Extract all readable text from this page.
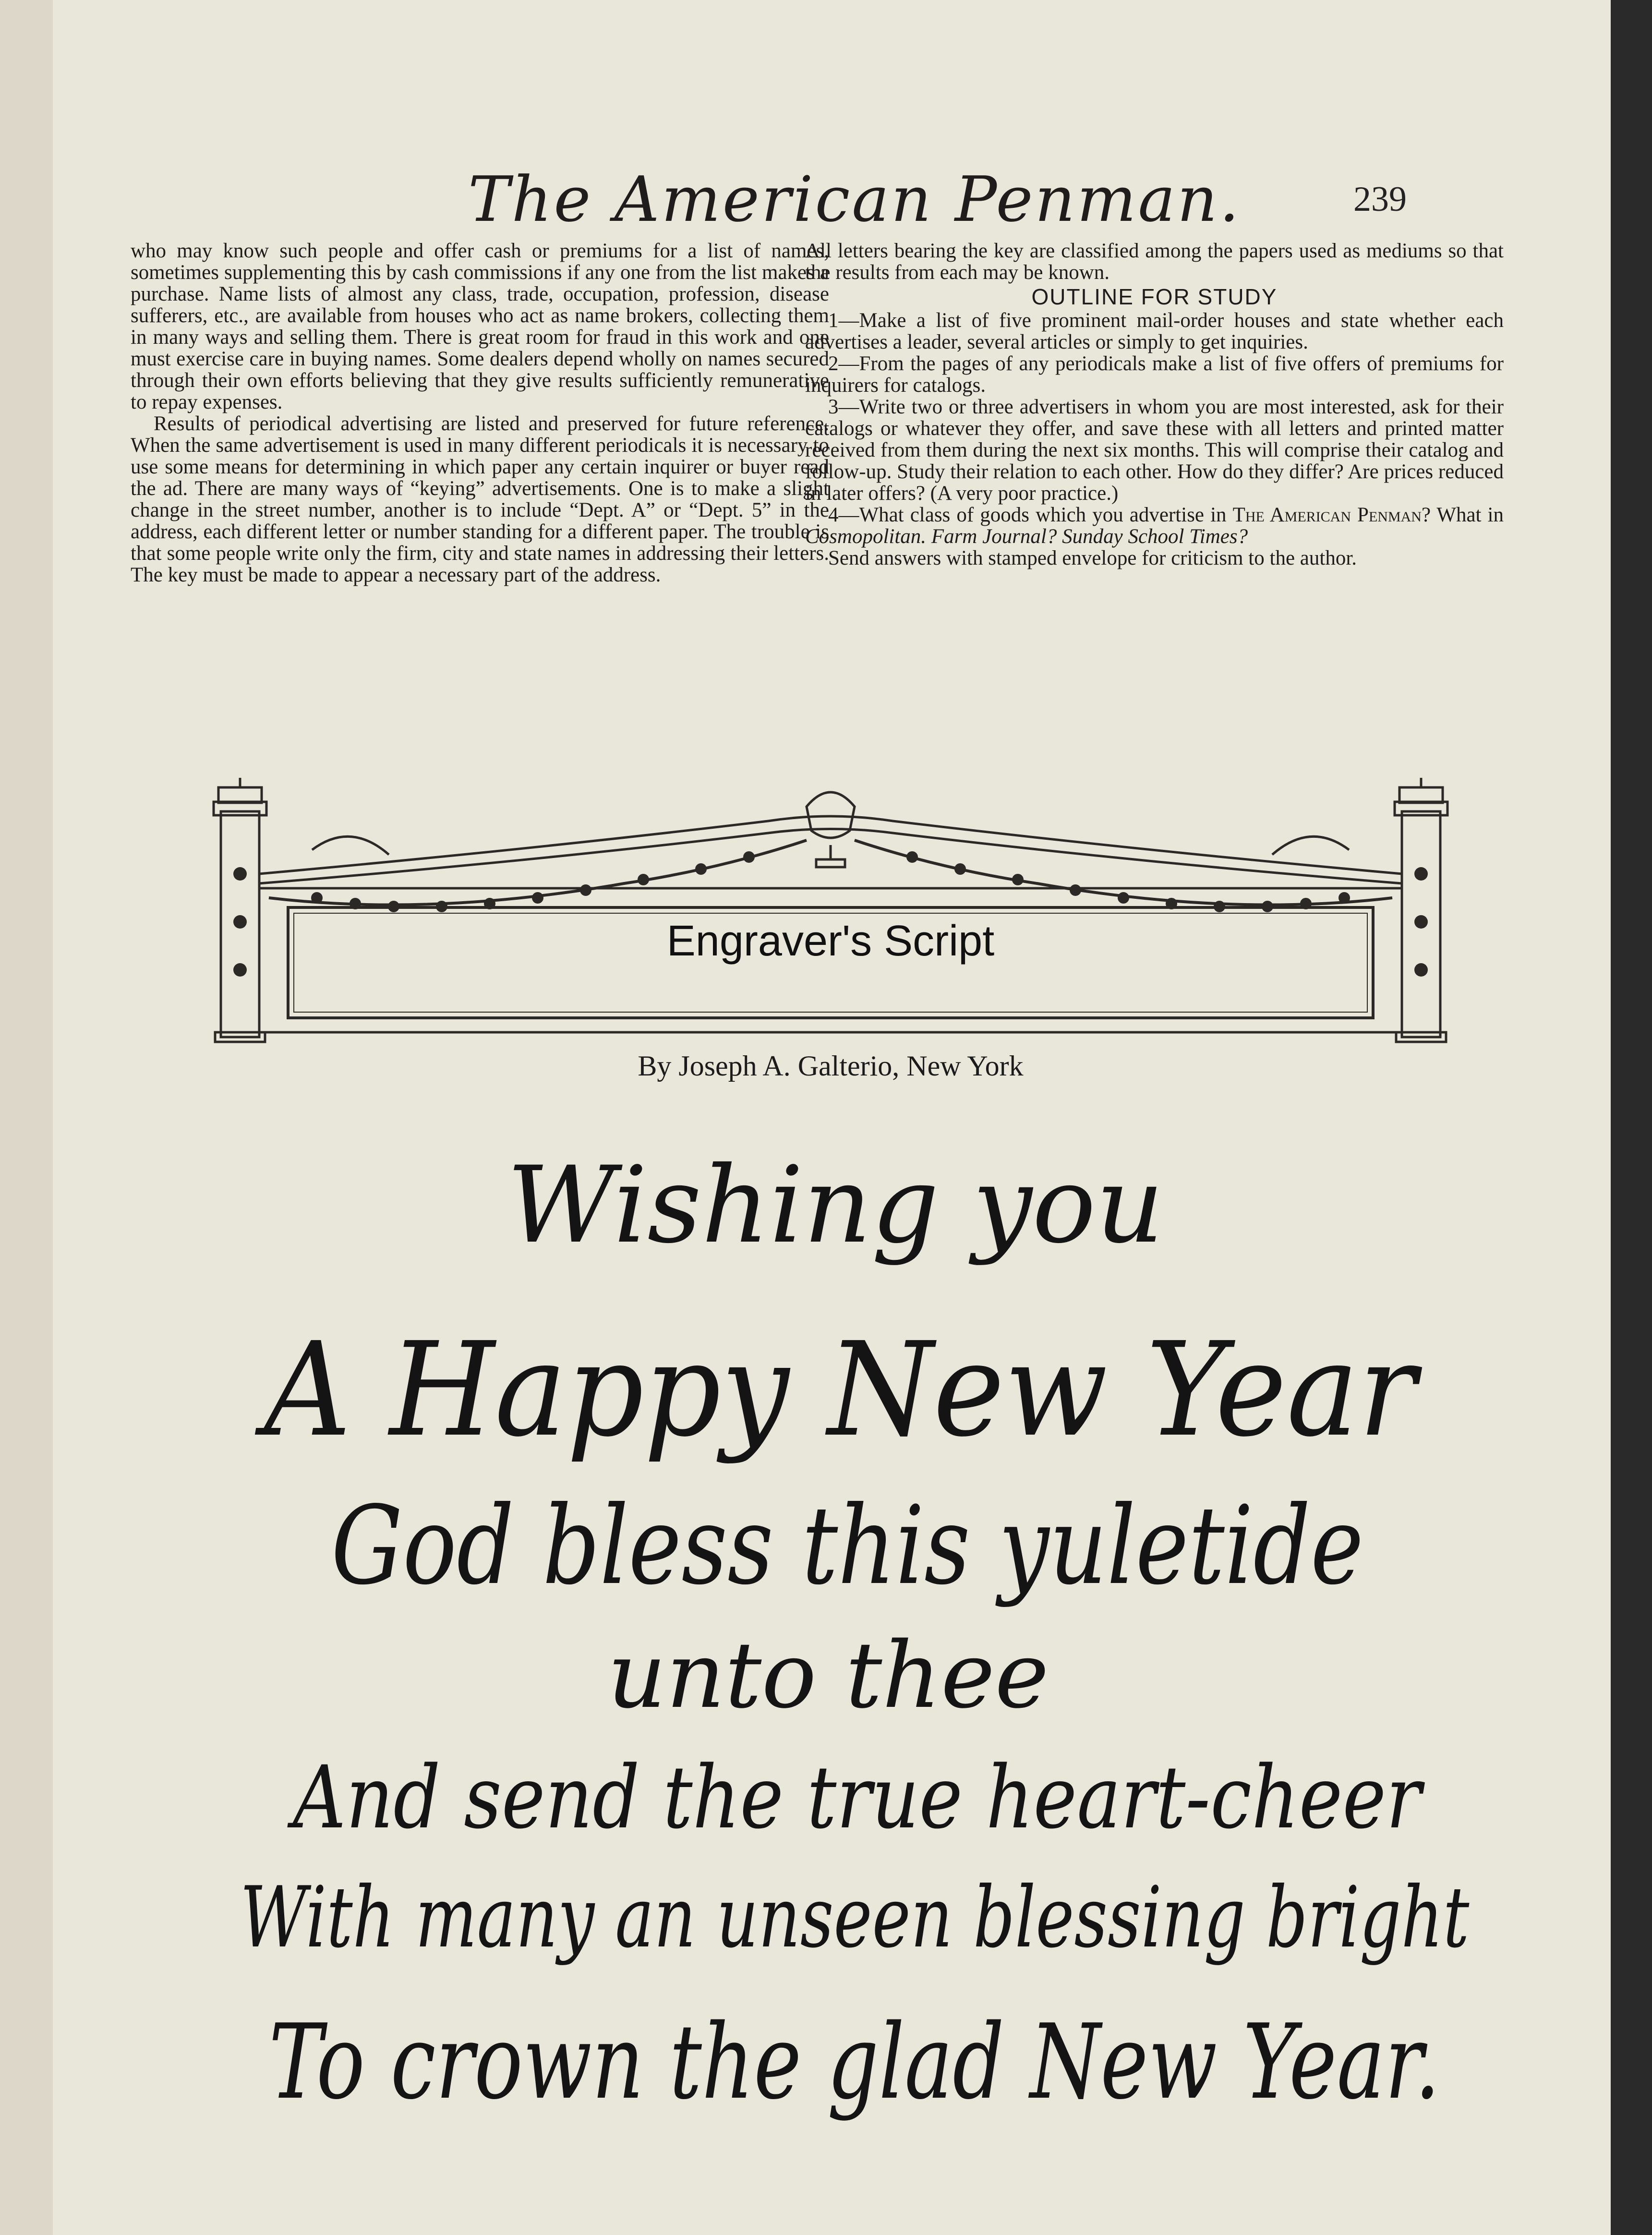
The American Penman.	239

who may know such people and offer cash or premiums for a list of names, sometimes supplementing this by cash commissions if any one from the list makes a purchase. Name lists of almost any class, trade, occupation, profession, disease sufferers, etc., are available from houses who act as name brokers, collecting them in many ways and selling them. There is great room for fraud in this work and one must exercise care in buying names. Some dealers depend wholly on names secured through their own efforts believing that they give results sufficiently remunerative to repay expenses.

Results of periodical advertising are listed and preserved for future reference. When the same advertisement is used in many different periodicals it is necessary to use some means for determining in which paper any certain inquirer or buyer read the ad. There are many ways of “keying” advertisements. One is to make a slight change in the street number, another is to include “Dept. A” or “Dept. 5” in the address, each different letter or number standing for a different paper. The trouble is that some people write only the firm, city and state names in addressing their letters. The key must be made to appear a necessary part of the address.

All letters bearing the key are classified among the papers used as mediums so that the results from each may be known.

OUTLINE FOR STUDY

1—Make a list of five prominent mail-order houses and state whether each advertises a leader, several articles or simply to get inquiries.

2—From the pages of any periodicals make a list of five offers of premiums for inquirers for catalogs.

3—Write two or three advertisers in whom you are most interested, ask for their catalogs or whatever they offer, and save these with all letters and printed matter received from them during the next six months. This will comprise their catalog and follow-up. Study their relation to each other. How do they differ? Are prices reduced in later offers? (A very poor practice.)

4—What class of goods which you advertise in The American Penman? What in Cosmopolitan. Farm Journal? Sunday School Times?

Send answers with stamped envelope for criticism to the author.

Engraver's Script
By Joseph A. Galterio, New York
Wishing you
A Happy New Year
God bless this yuletide
unto thee
And send the true heart-cheer
With many an unseen blessing bright
To crown the glad New Year.
